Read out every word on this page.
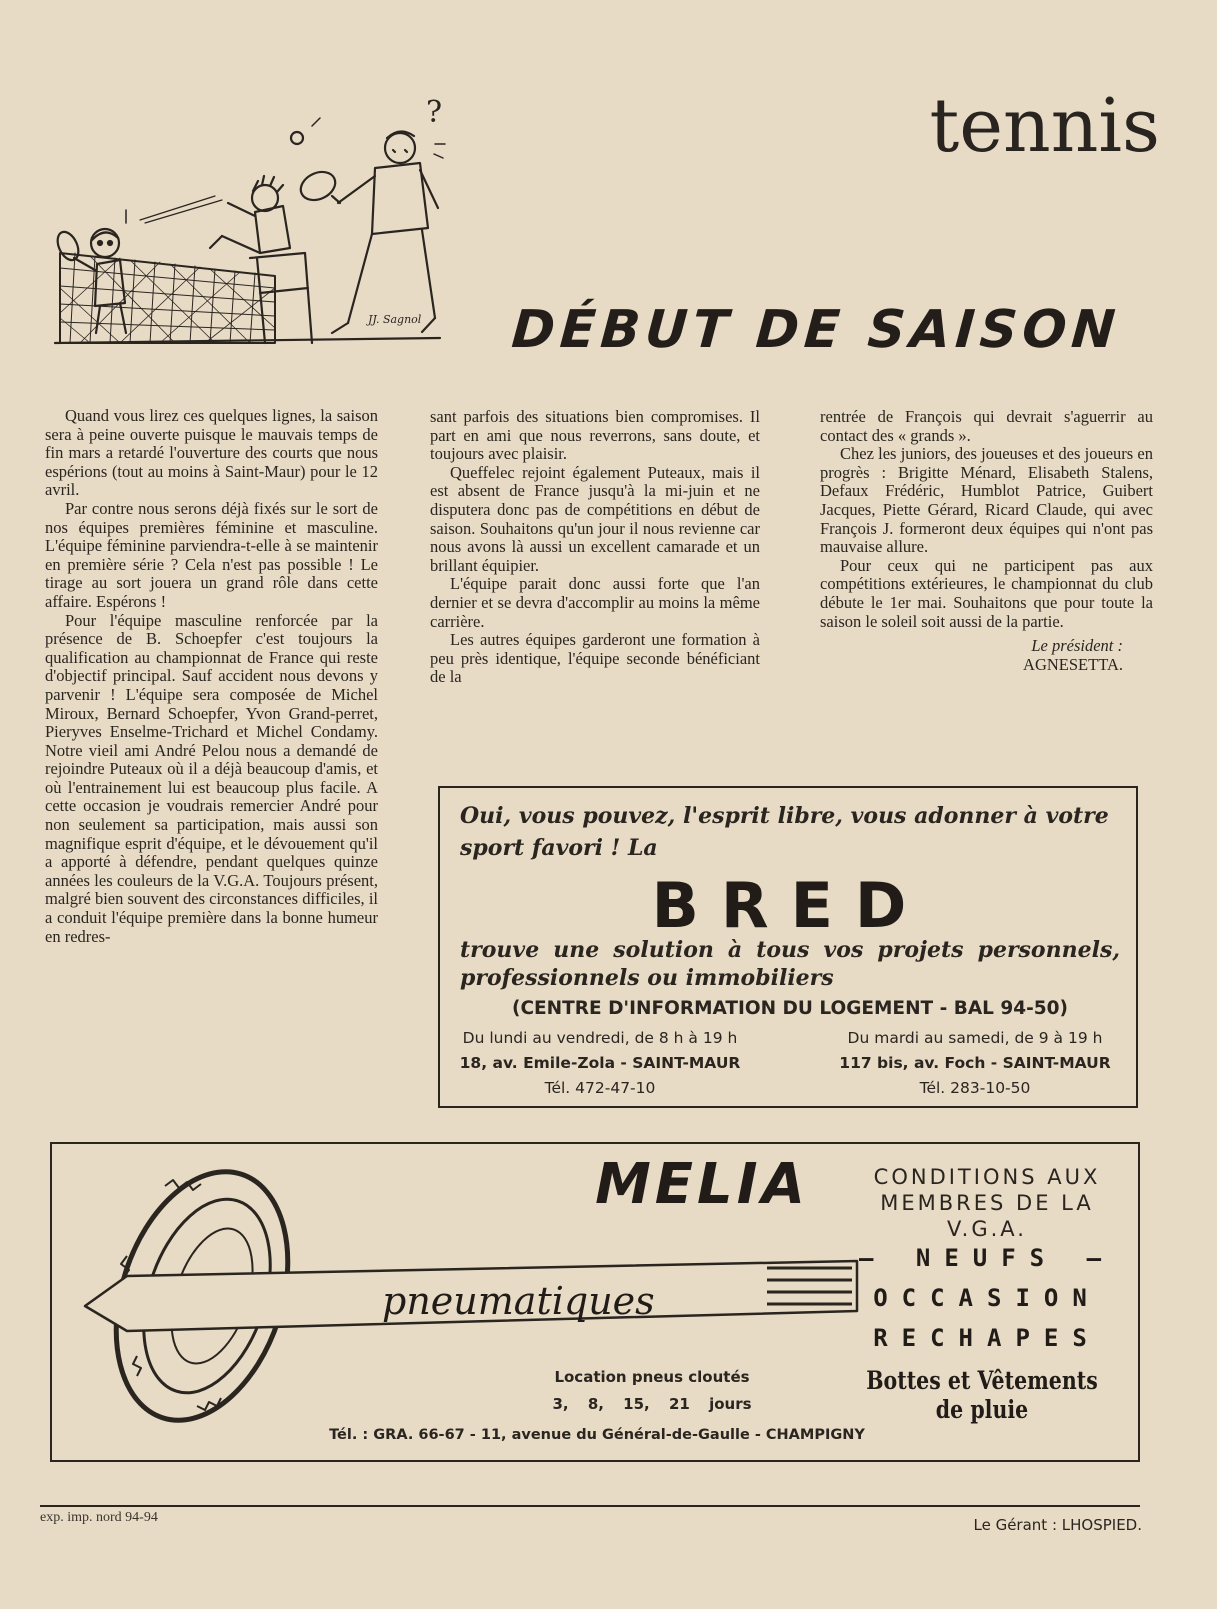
tennis
?
JJ. Sagnol	DÉBUT DE SAISON

Quand vous lirez ces quelques lignes, la saison sera à peine ouverte puisque le mauvais temps de fin mars a retardé l'ouverture des courts que nous espérions (tout au moins à Saint-Maur) pour le 12 avril.

Par contre nous serons déjà fixés sur le sort de nos équipes premières féminine et masculine. L'équipe féminine parviendra-t-elle à se maintenir en première série ? Cela n'est pas possible ! Le tirage au sort jouera un grand rôle dans cette affaire. Espérons !

Pour l'équipe masculine renforcée par la présence de B. Schoepfer c'est toujours la qualification au championnat de France qui reste d'objectif principal. Sauf accident nous devons y parvenir ! L'équipe sera composée de Michel Miroux, Bernard Schoepfer, Yvon Grand-perret, Pieryves Enselme-Trichard et Michel Condamy. Notre vieil ami André Pelou nous a demandé de rejoindre Puteaux où il a déjà beaucoup d'amis, et où l'entrainement lui est beaucoup plus facile. A cette occasion je voudrais remercier André pour non seulement sa participation, mais aussi son magnifique esprit d'équipe, et le dévouement qu'il a apporté à défendre, pendant quelques quinze années les couleurs de la V.G.A. Toujours présent, malgré bien souvent des circonstances difficiles, il a conduit l'équipe première dans la bonne humeur en redres-

sant parfois des situations bien compromises. Il part en ami que nous reverrons, sans doute, et toujours avec plaisir.

Queffelec rejoint également Puteaux, mais il est absent de France jusqu'à la mi-juin et ne disputera donc pas de compétitions en début de saison. Souhaitons qu'un jour il nous revienne car nous avons là aussi un excellent camarade et un brillant équipier.

L'équipe parait donc aussi forte que l'an dernier et se devra d'accomplir au moins la même carrière.

Les autres équipes garderont une formation à peu près identique, l'équipe seconde bénéficiant de la

rentrée de François qui devrait s'aguerrir au contact des « grands ».

Chez les juniors, des joueuses et des joueurs en progrès : Brigitte Ménard, Elisabeth Stalens, Defaux Frédéric, Humblot Patrice, Guibert Jacques, Piette Gérard, Ricard Claude, qui avec François J. formeront deux équipes qui n'ont pas mauvaise allure.

Pour ceux qui ne participent pas aux compétitions extérieures, le championnat du club débute le 1er mai. Souhaitons que pour toute la saison le soleil soit aussi de la partie.

Le président :
AGNESETTA.
Oui, vous pouvez, l'esprit libre, vous adonner à votre sport favori ! La
BRED
trouve une solution à tous vos projets personnels, professionnels ou immobiliers
(CENTRE D'INFORMATION DU LOGEMENT - BAL 94-50)
Du lundi au vendredi, de 8 h à 19 h
18, av. Emile-Zola - SAINT-MAUR
Tél. 472-47-10
Du mardi au samedi, de 9 à 19 h
117 bis, av. Foch - SAINT-MAUR
Tél. 283-10-50
pneumatiques
MELIA	CONDITIONS AUX MEMBRES DE LA V.G.A.
— NEUFS —
OCCASION
RECHAPES
Bottes et Vêtements de pluie
Location pneus cloutés
3, 8, 15, 21 jours
Tél. : GRA. 66-67 - 11, avenue du Général-de-Gaulle - CHAMPIGNY
exp. imp. nord 94-94	Le Gérant : LHOSPIED.
